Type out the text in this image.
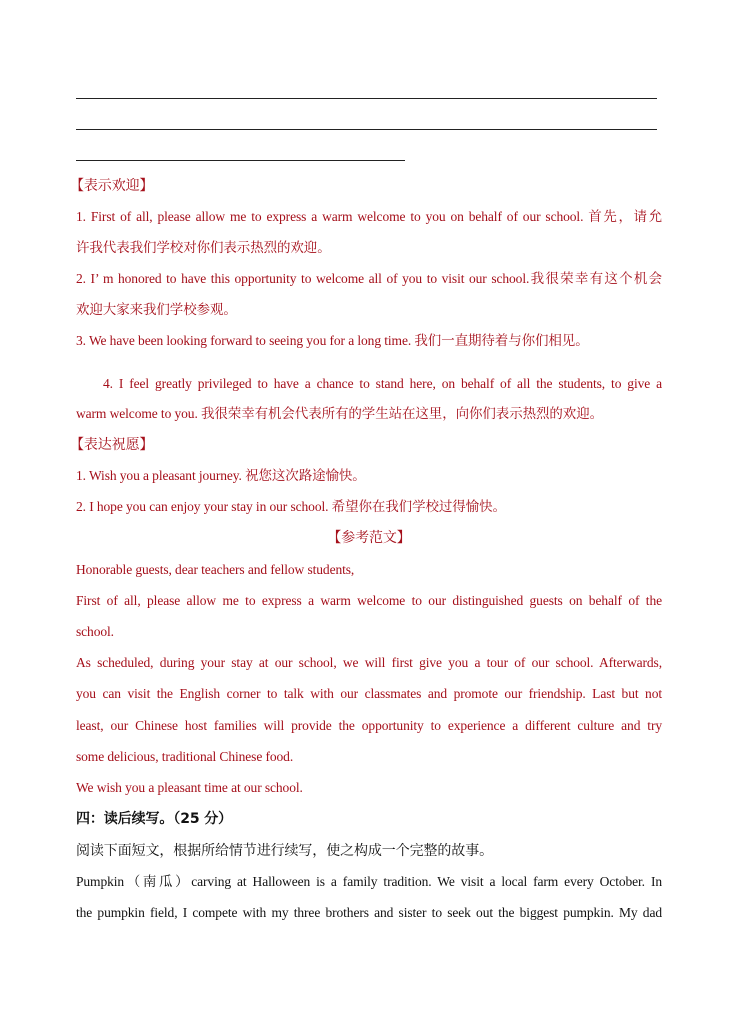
【表示欢迎】
1. First of all, please allow me to express a warm welcome to you on behalf of our school. 首先，请允
许我代表我们学校对你们表示热烈的欢迎。
2. I’ m honored to have this opportunity to welcome all of you to visit our school.我很荣幸有这个机会
欢迎大家来我们学校参观。
3. We have been looking forward to seeing you for a long time. 我们一直期待着与你们相见。
4. I feel greatly privileged to have a chance to stand here, on behalf of all the students, to give a
warm welcome to you. 我很荣幸有机会代表所有的学生站在这里，向你们表示热烈的欢迎。
【表达祝愿】
1. Wish you a pleasant journey. 祝您这次路途愉快。
2. I hope you can enjoy your stay in our school. 希望你在我们学校过得愉快。
【参考范文】
Honorable guests, dear teachers and fellow students,
First of all, please allow me to express a warm welcome to our distinguished guests on behalf of the
school.
As scheduled, during your stay at our school, we will first give you a tour of our school. Afterwards,
you can visit the English corner to talk with our classmates and promote our friendship. Last but not
least, our Chinese host families will provide the opportunity to experience a different culture and try
some delicious, traditional Chinese food.
We wish you a pleasant time at our school.
四：读后续写。（25 分）
阅读下面短文，根据所给情节进行续写，使之构成一个完整的故事。
Pumpkin（南瓜）carving at Halloween is a family tradition. We visit a local farm every October. In
the pumpkin field, I compete with my three brothers and sister to seek out the biggest pumpkin. My dad
